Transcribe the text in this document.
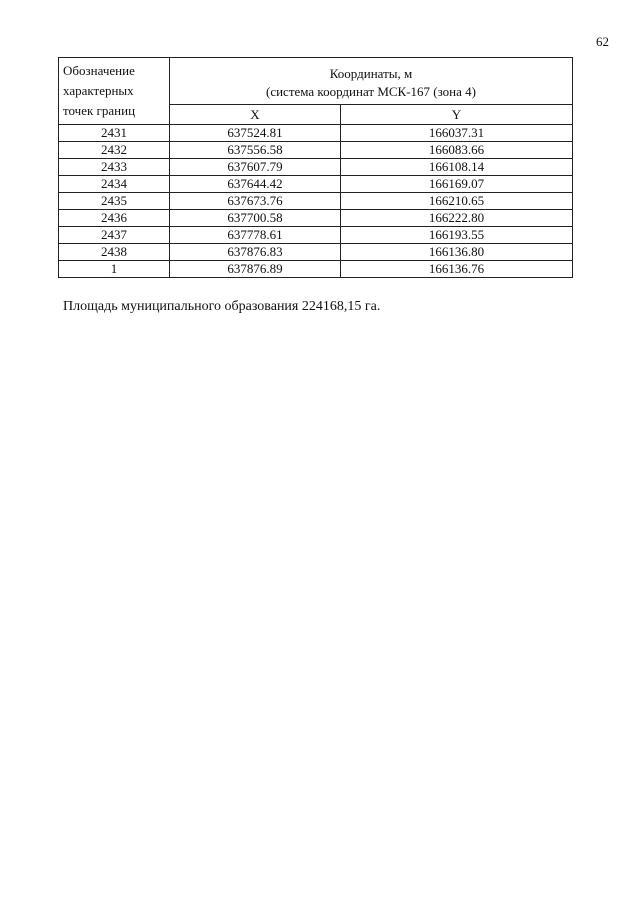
62
Обозначение
характерных
точек границ	Координаты, м
(система координат МСК-167 (зона 4)	
	X	Y
2431	637524.81	166037.31
2432	637556.58	166083.66
2433	637607.79	166108.14
2434	637644.42	166169.07
2435	637673.76	166210.65
2436	637700.58	166222.80
2437	637778.61	166193.55
2438	637876.83	166136.80
1	637876.89	166136.76
Площадь муниципального образования 224168,15 га.
